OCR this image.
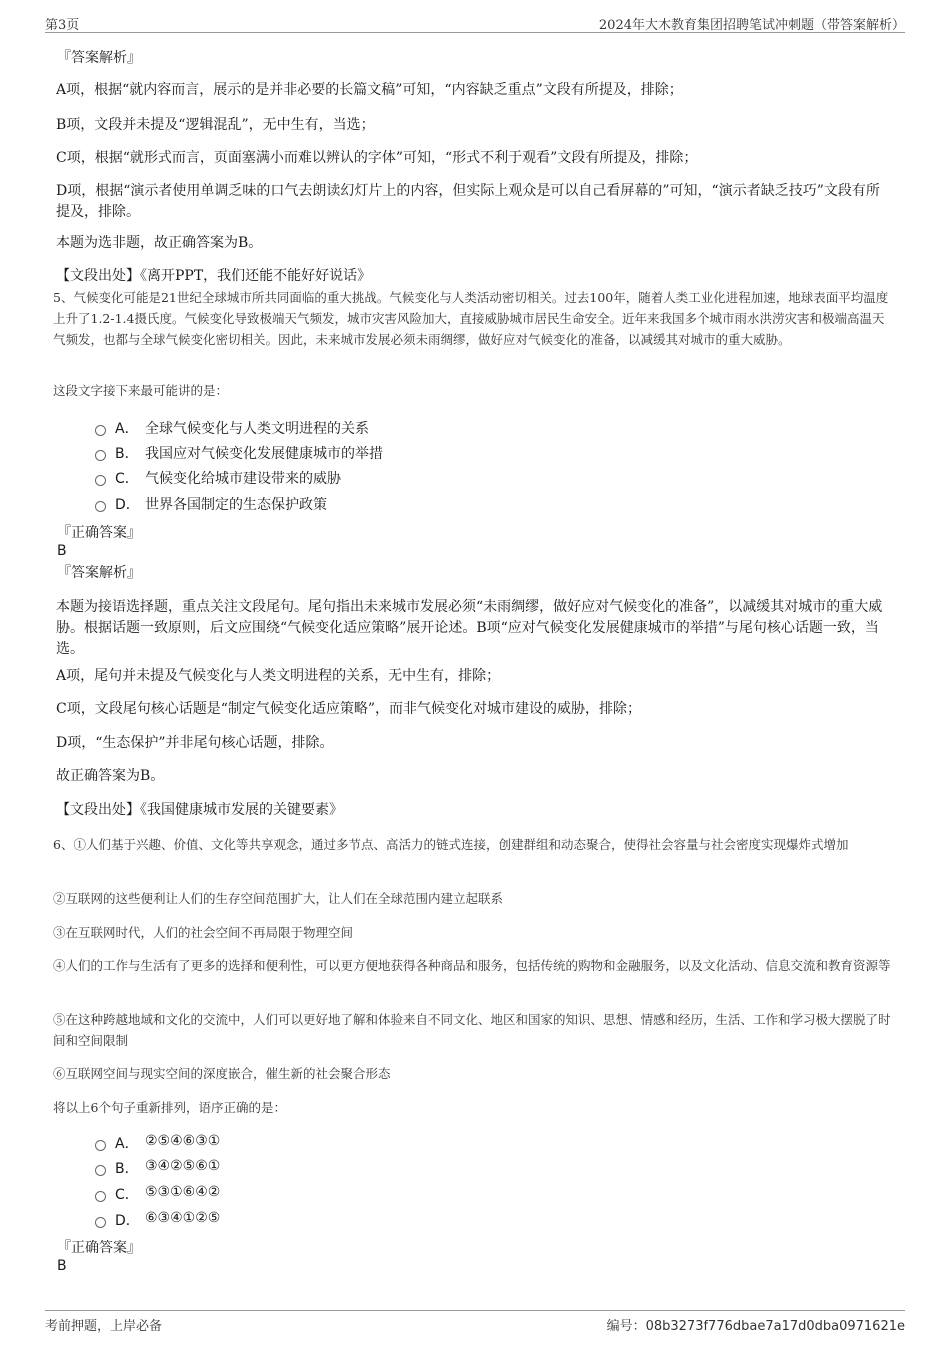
第3页	2024年大木教育集团招聘笔试冲刺题（带答案解析）
『答案解析』
A项，根据“就内容而言，展示的是并非必要的长篇文稿”可知，“内容缺乏重点”文段有所提及，排除；
B项，文段并未提及“逻辑混乱”，无中生有，当选；
C项，根据“就形式而言，页面塞满小而难以辨认的字体”可知，“形式不利于观看”文段有所提及，排除；
D项，根据“演示者使用单调乏味的口气去朗读幻灯片上的内容，但实际上观众是可以自己看屏幕的”可知，“演示者缺乏技巧”文段有所提及，排除。
本题为选非题，故正确答案为B。
【文段出处】《离开PPT，我们还能不能好好说话》
5、气候变化可能是21世纪全球城市所共同面临的重大挑战。气候变化与人类活动密切相关。过去100年，随着人类工业化进程加速，地球表面平均温度上升了1.2-1.4摄氏度。气候变化导致极端天气频发，城市灾害风险加大，直接威胁城市居民生命安全。近年来我国多个城市雨水洪涝灾害和极端高温天气频发，也都与全球气候变化密切相关。因此，未来城市发展必须未雨绸缪，做好应对气候变化的准备，以减缓其对城市的重大威胁。
这段文字接下来最可能讲的是：
A． 全球气候变化与人类文明进程的关系
B． 我国应对气候变化发展健康城市的举措
C． 气候变化给城市建设带来的威胁
D． 世界各国制定的生态保护政策
『正确答案』
B
『答案解析』
本题为接语选择题，重点关注文段尾句。尾句指出未来城市发展必须“未雨绸缪，做好应对气候变化的准备”，以减缓其对城市的重大威胁。根据话题一致原则，后文应围绕“气候变化适应策略”展开论述。B项“应对气候变化发展健康城市的举措”与尾句核心话题一致，当选。
A项，尾句并未提及气候变化与人类文明进程的关系，无中生有，排除；
C项，文段尾句核心话题是“制定气候变化适应策略”，而非气候变化对城市建设的威胁，排除；
D项，“生态保护”并非尾句核心话题，排除。
故正确答案为B。
【文段出处】《我国健康城市发展的关键要素》
6、①人们基于兴趣、价值、文化等共享观念，通过多节点、高活力的链式连接，创建群组和动态聚合，使得社会容量与社会密度实现爆炸式增加
②互联网的这些便利让人们的生存空间范围扩大，让人们在全球范围内建立起联系
③在互联网时代，人们的社会空间不再局限于物理空间
④人们的工作与生活有了更多的选择和便利性，可以更方便地获得各种商品和服务，包括传统的购物和金融服务，以及文化活动、信息交流和教育资源等
⑤在这种跨越地域和文化的交流中，人们可以更好地了解和体验来自不同文化、地区和国家的知识、思想、情感和经历，生活、工作和学习极大摆脱了时间和空间限制
⑥互联网空间与现实空间的深度嵌合，催生新的社会聚合形态
将以上6个句子重新排列，语序正确的是：
A． ②⑤④⑥③①
B． ③④②⑤⑥①
C． ⑤③①⑥④②
D． ⑥③④①②⑤
『正确答案』
B
考前押题，上岸必备	编号：08b3273f776dbae7a17d0dba0971621e
